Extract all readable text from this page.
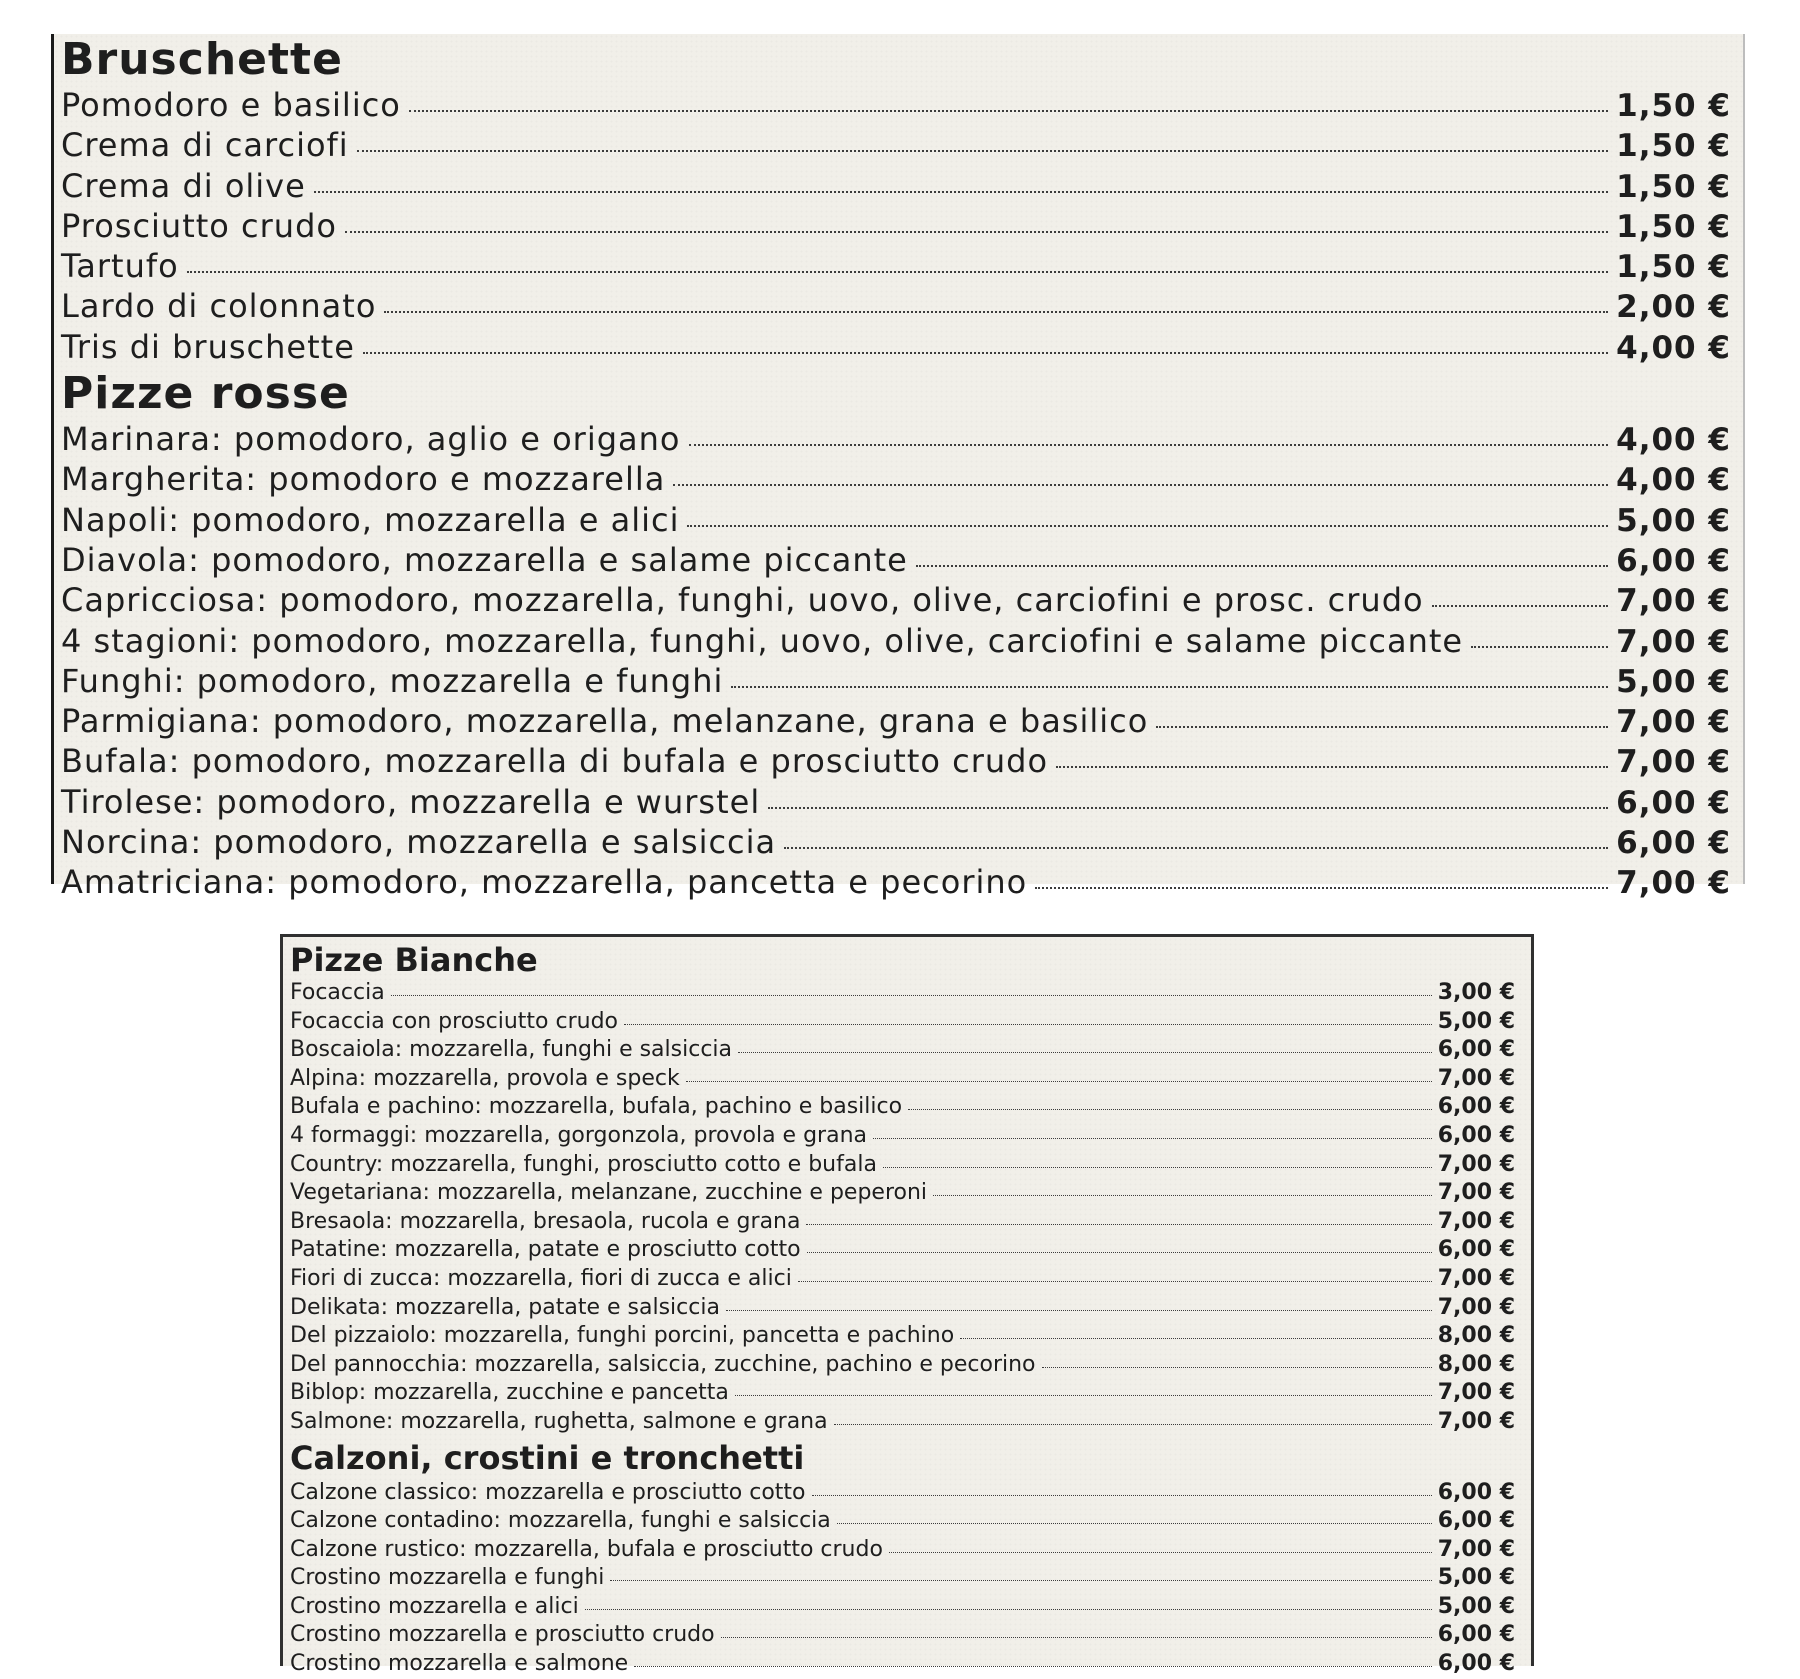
Bruschette
Pomodoro e basilico	1,50 €
Crema di carciofi	1,50 €
Crema di olive	1,50 €
Prosciutto crudo	1,50 €
Tartufo	1,50 €
Lardo di colonnato	2,00 €
Tris di bruschette	4,00 €
Pizze rosse
Marinara: pomodoro, aglio e origano	4,00 €
Margherita: pomodoro e mozzarella	4,00 €
Napoli: pomodoro, mozzarella e alici	5,00 €
Diavola: pomodoro, mozzarella e salame piccante	6,00 €
Capricciosa: pomodoro, mozzarella, funghi, uovo, olive, carciofini e prosc. crudo	7,00 €
4 stagioni: pomodoro, mozzarella, funghi, uovo, olive, carciofini e salame piccante	7,00 €
Funghi: pomodoro, mozzarella e funghi	5,00 €
Parmigiana: pomodoro, mozzarella, melanzane, grana e basilico	7,00 €
Bufala: pomodoro, mozzarella di bufala e prosciutto crudo	7,00 €
Tirolese: pomodoro, mozzarella e wurstel	6,00 €
Norcina: pomodoro, mozzarella e salsiccia	6,00 €
Amatriciana: pomodoro, mozzarella, pancetta e pecorino	7,00 €
Pizze Bianche
Focaccia	3,00 €
Focaccia con prosciutto crudo	5,00 €
Boscaiola: mozzarella, funghi e salsiccia	6,00 €
Alpina: mozzarella, provola e speck	7,00 €
Bufala e pachino: mozzarella, bufala, pachino e basilico	6,00 €
4 formaggi: mozzarella, gorgonzola, provola e grana	6,00 €
Country: mozzarella, funghi, prosciutto cotto e bufala	7,00 €
Vegetariana: mozzarella, melanzane, zucchine e peperoni	7,00 €
Bresaola: mozzarella, bresaola, rucola e grana	7,00 €
Patatine: mozzarella, patate e prosciutto cotto	6,00 €
Fiori di zucca: mozzarella, fiori di zucca e alici	7,00 €
Delikata: mozzarella, patate e salsiccia	7,00 €
Del pizzaiolo: mozzarella, funghi porcini, pancetta e pachino	8,00 €
Del pannocchia: mozzarella, salsiccia, zucchine, pachino e pecorino	8,00 €
Biblop: mozzarella, zucchine e pancetta	7,00 €
Salmone: mozzarella, rughetta, salmone e grana	7,00 €
Calzoni, crostini e tronchetti
Calzone classico: mozzarella e prosciutto cotto	6,00 €
Calzone contadino: mozzarella, funghi e salsiccia	6,00 €
Calzone rustico: mozzarella, bufala e prosciutto crudo	7,00 €
Crostino mozzarella e funghi	5,00 €
Crostino mozzarella e alici	5,00 €
Crostino mozzarella e prosciutto crudo	6,00 €
Crostino mozzarella e salmone	6,00 €
